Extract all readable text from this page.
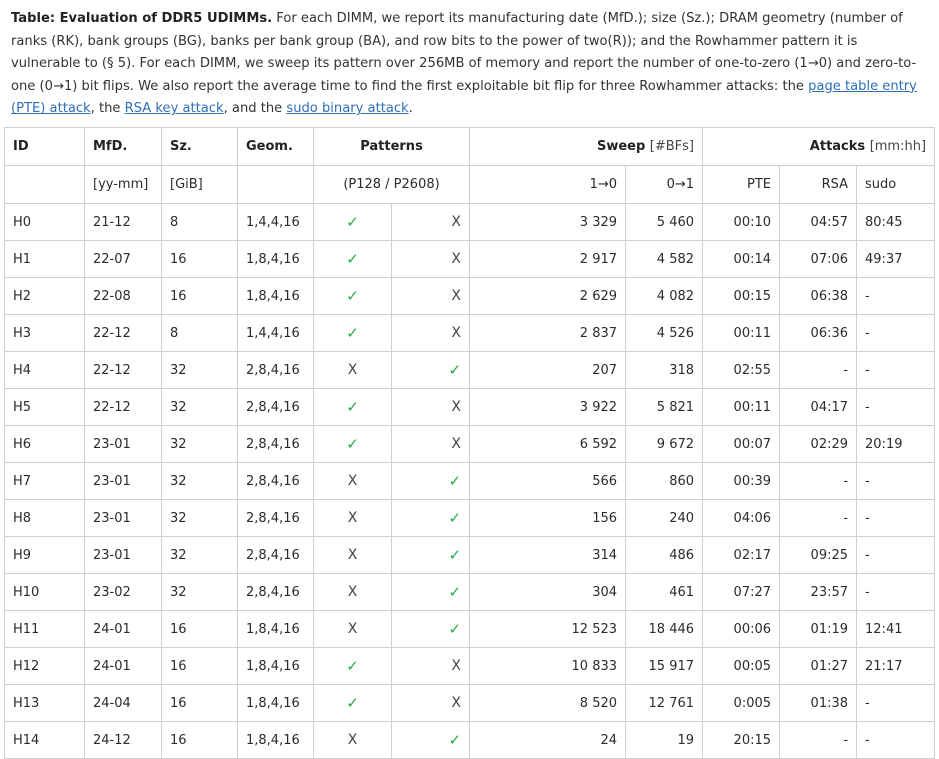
Table: Evaluation of DDR5 UDIMMs. For each DIMM, we report its manufacturing date (MfD.); size (Sz.); DRAM geometry (number of ranks (RK), bank groups (BG), banks per bank group (BA), and row bits to the power of two(R)); and the Rowhammer pattern it is vulnerable to (§ 5). For each DIMM, we sweep its pattern over 256MB of memory and report the number of one-to-zero (1→0) and zero-to-one (0→1) bit flips. We also report the average time to find the first exploitable bit flip for three Rowhammer attacks: the page table entry (PTE) attack, the RSA key attack, and the sudo binary attack.
ID	MfD.	Sz.	Geom.	Patterns		Sweep [#BFs]		Attacks [mm:hh]		
	[yy-mm]	[GiB]		(P128 / P2608)		1→0	0→1	PTE	RSA	sudo
H0	21-12	8	1,4,4,16	✓	X	3 329	5 460	00:10	04:57	80:45
H1	22-07	16	1,8,4,16	✓	X	2 917	4 582	00:14	07:06	49:37
H2	22-08	16	1,8,4,16	✓	X	2 629	4 082	00:15	06:38	-
H3	22-12	8	1,4,4,16	✓	X	2 837	4 526	00:11	06:36	-
H4	22-12	32	2,8,4,16	X	✓	207	318	02:55	-	-
H5	22-12	32	2,8,4,16	✓	X	3 922	5 821	00:11	04:17	-
H6	23-01	32	2,8,4,16	✓	X	6 592	9 672	00:07	02:29	20:19
H7	23-01	32	2,8,4,16	X	✓	566	860	00:39	-	-
H8	23-01	32	2,8,4,16	X	✓	156	240	04:06	-	-
H9	23-01	32	2,8,4,16	X	✓	314	486	02:17	09:25	-
H10	23-02	32	2,8,4,16	X	✓	304	461	07:27	23:57	-
H11	24-01	16	1,8,4,16	X	✓	12 523	18 446	00:06	01:19	12:41
H12	24-01	16	1,8,4,16	✓	X	10 833	15 917	00:05	01:27	21:17
H13	24-04	16	1,8,4,16	✓	X	8 520	12 761	0:005	01:38	-
H14	24-12	16	1,8,4,16	X	✓	24	19	20:15	-	-
